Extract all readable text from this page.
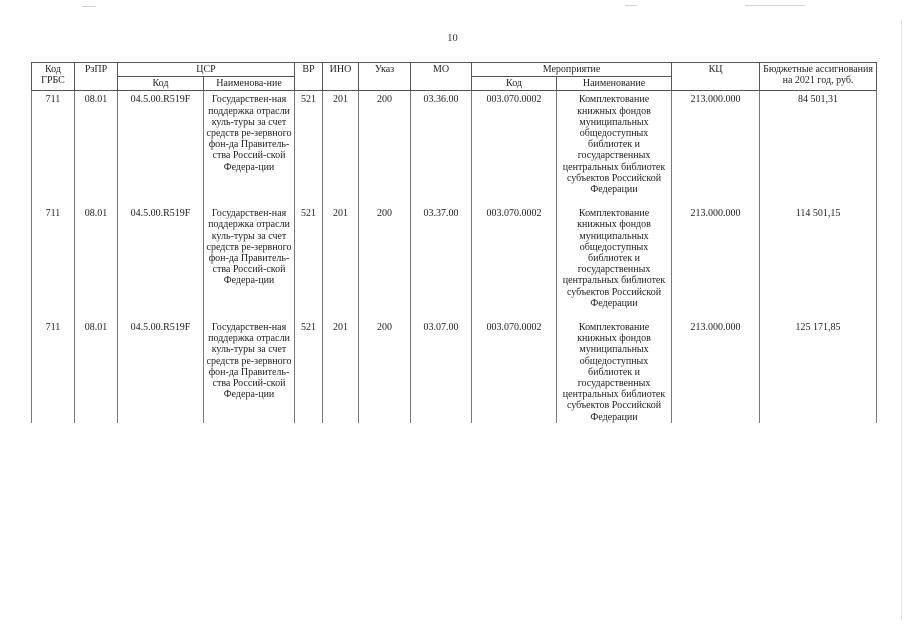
10
Код ГРБС	РзПР	ЦСР		ВР	ИНО	Указ	МО	Мероприятие		КЦ	Бюджетные ассигнования на 2021 год, руб.
		Код	Наименова-ние					Код	Наименование		
711	08.01	04.5.00.R519F	Государствен-ная поддержка отрасли куль-туры за счет средств ре-зервного фон-да Правитель-ства Россий-ской Федера-ции	521	201	200	03.36.00	003.070.0002	Комплектование книжных фондов муниципальных общедоступных библиотек и государственных центральных библиотек субъектов Российской Федерации	213.000.000	84 501,31
711	08.01	04.5.00.R519F	Государствен-ная поддержка отрасли куль-туры за счет средств ре-зервного фон-да Правитель-ства Россий-ской Федера-ции	521	201	200	03.37.00	003.070.0002	Комплектование книжных фондов муниципальных общедоступных библиотек и государственных центральных библиотек субъектов Российской Федерации	213.000.000	114 501,15
711	08.01	04.5.00.R519F	Государствен-ная поддержка отрасли куль-туры за счет средств ре-зервного фон-да Правитель-ства Россий-ской Федера-ции	521	201	200	03.07.00	003.070.0002	Комплектование книжных фондов муниципальных общедоступных библиотек и государственных центральных библиотек субъектов Российской Федерации	213.000.000	125 171,85
